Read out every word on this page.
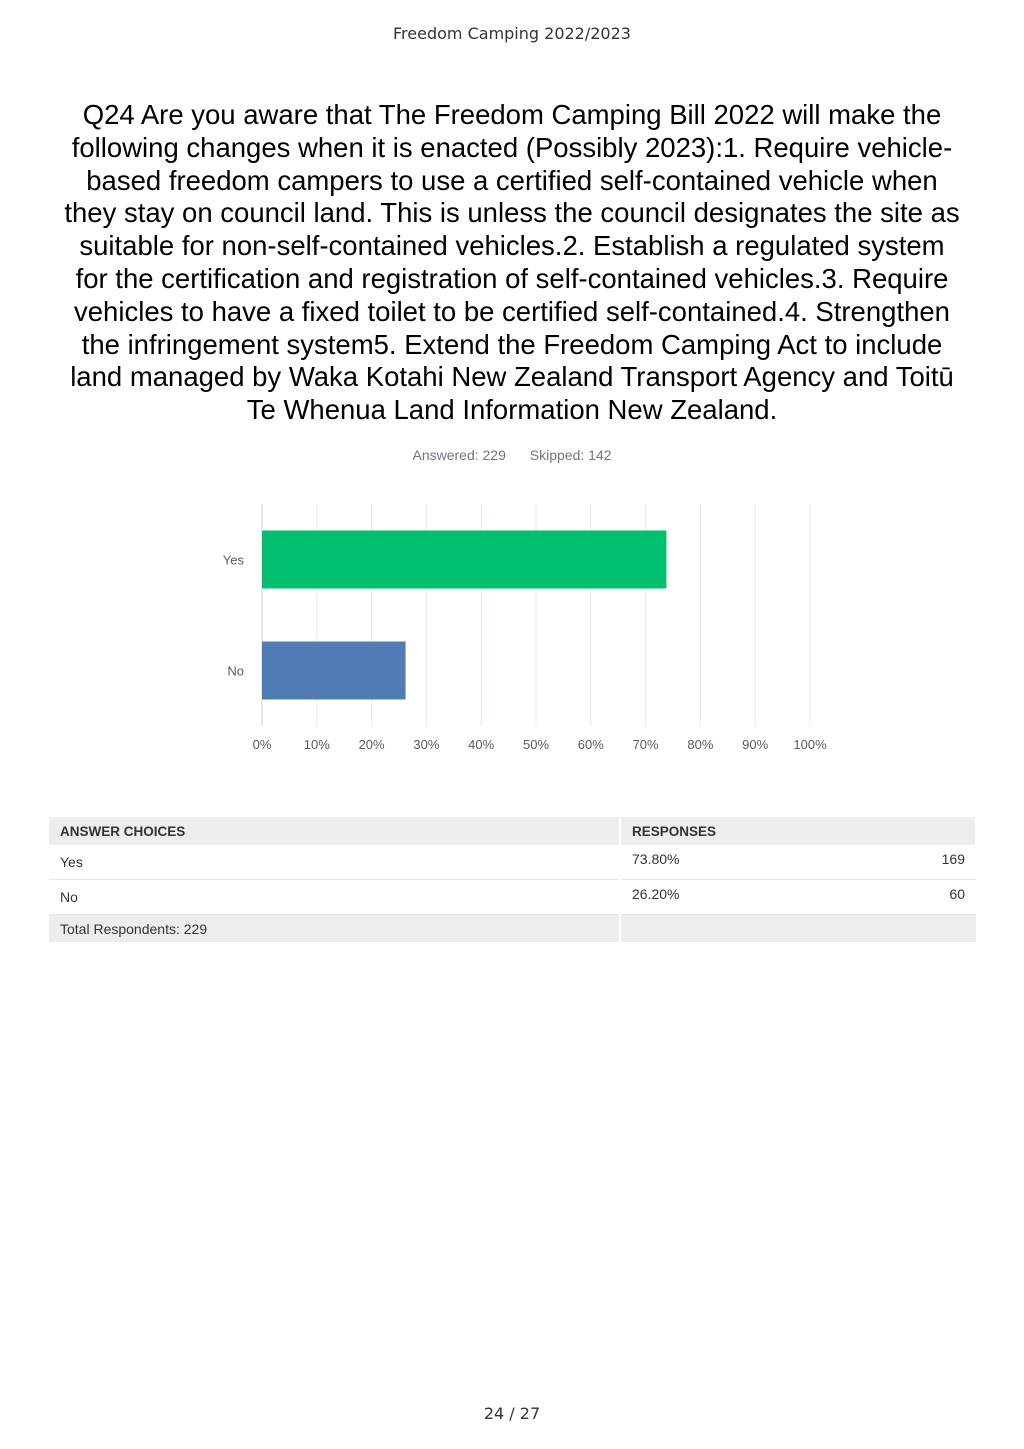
Freedom Camping 2022/2023
Q24 Are you aware that The Freedom Camping Bill 2022 will make the following changes when it is enacted (Possibly 2023):1. Require vehicle-based freedom campers to use a certified self-contained vehicle when they stay on council land. This is unless the council designates the site as suitable for non-self-contained vehicles.2. Establish a regulated system for the certification and registration of self-contained vehicles.3. Require vehicles to have a fixed toilet to be certified self-contained.4. Strengthen the infringement system5. Extend the Freedom Camping Act to include land managed by Waka Kotahi New Zealand Transport Agency and Toitū Te Whenua Land Information New Zealand.
Answered: 229 Skipped: 142
Yes
No
0% 10% 20% 30% 40% 50% 60% 70% 80% 90% 100%
ANSWER CHOICES	RESPONSES
Yes	73.80% 169

No	26.20% 60

Total Respondents: 229	
24 / 27
